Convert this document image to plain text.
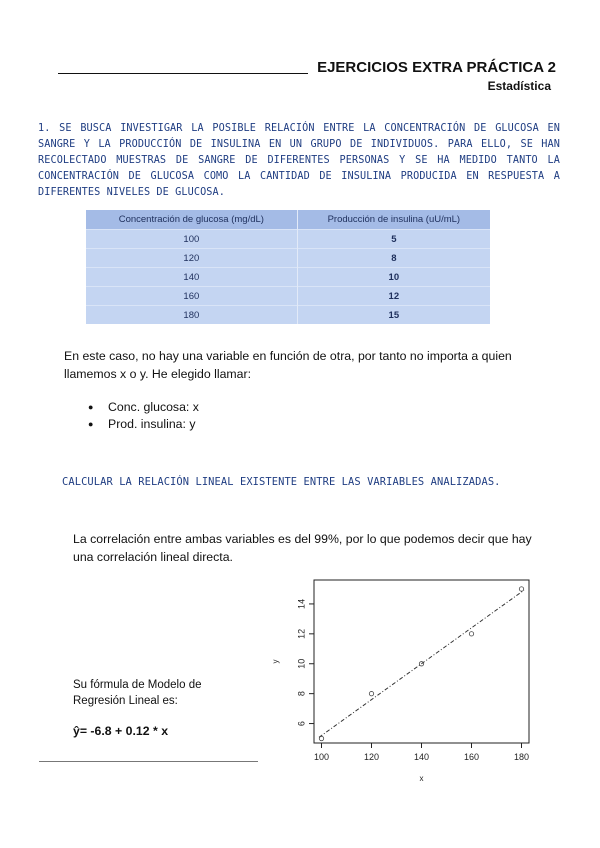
EJERCICIOS EXTRA PRÁCTICA 2
Estadística
1. SE BUSCA INVESTIGAR LA POSIBLE RELACIÓN ENTRE LA CONCENTRACIÓN DE GLUCOSA EN SANGRE Y LA PRODUCCIÓN DE INSULINA EN UN GRUPO DE INDIVIDUOS. PARA ELLO, SE HAN RECOLECTADO MUESTRAS DE SANGRE DE DIFERENTES PERSONAS Y SE HA MEDIDO TANTO LA CONCENTRACIÓN DE GLUCOSA COMO LA CANTIDAD DE INSULINA PRODUCIDA EN RESPUESTA A DIFERENTES NIVELES DE GLUCOSA.
Concentración de glucosa (mg/dL)	Producción de insulina (uU/mL)
100	5
120	8
140	10
160	12
180	15
En este caso, no hay una variable en función de otra, por tanto no importa a quien llamemos x o y. He elegido llamar:
● Conc. glucosa: x
● Prod. insulina: y
CALCULAR LA RELACIÓN LINEAL EXISTENTE ENTRE LAS VARIABLES ANALIZADAS.
La correlación entre ambas variables es del 99%, por lo que podemos decir que hay una correlación lineal directa.
Su fórmula de Modelo de Regresión Lineal es:
ŷ= -6.8 + 0.12 * x
100	120	140	160	180
6
8
10
12
14
x
y
